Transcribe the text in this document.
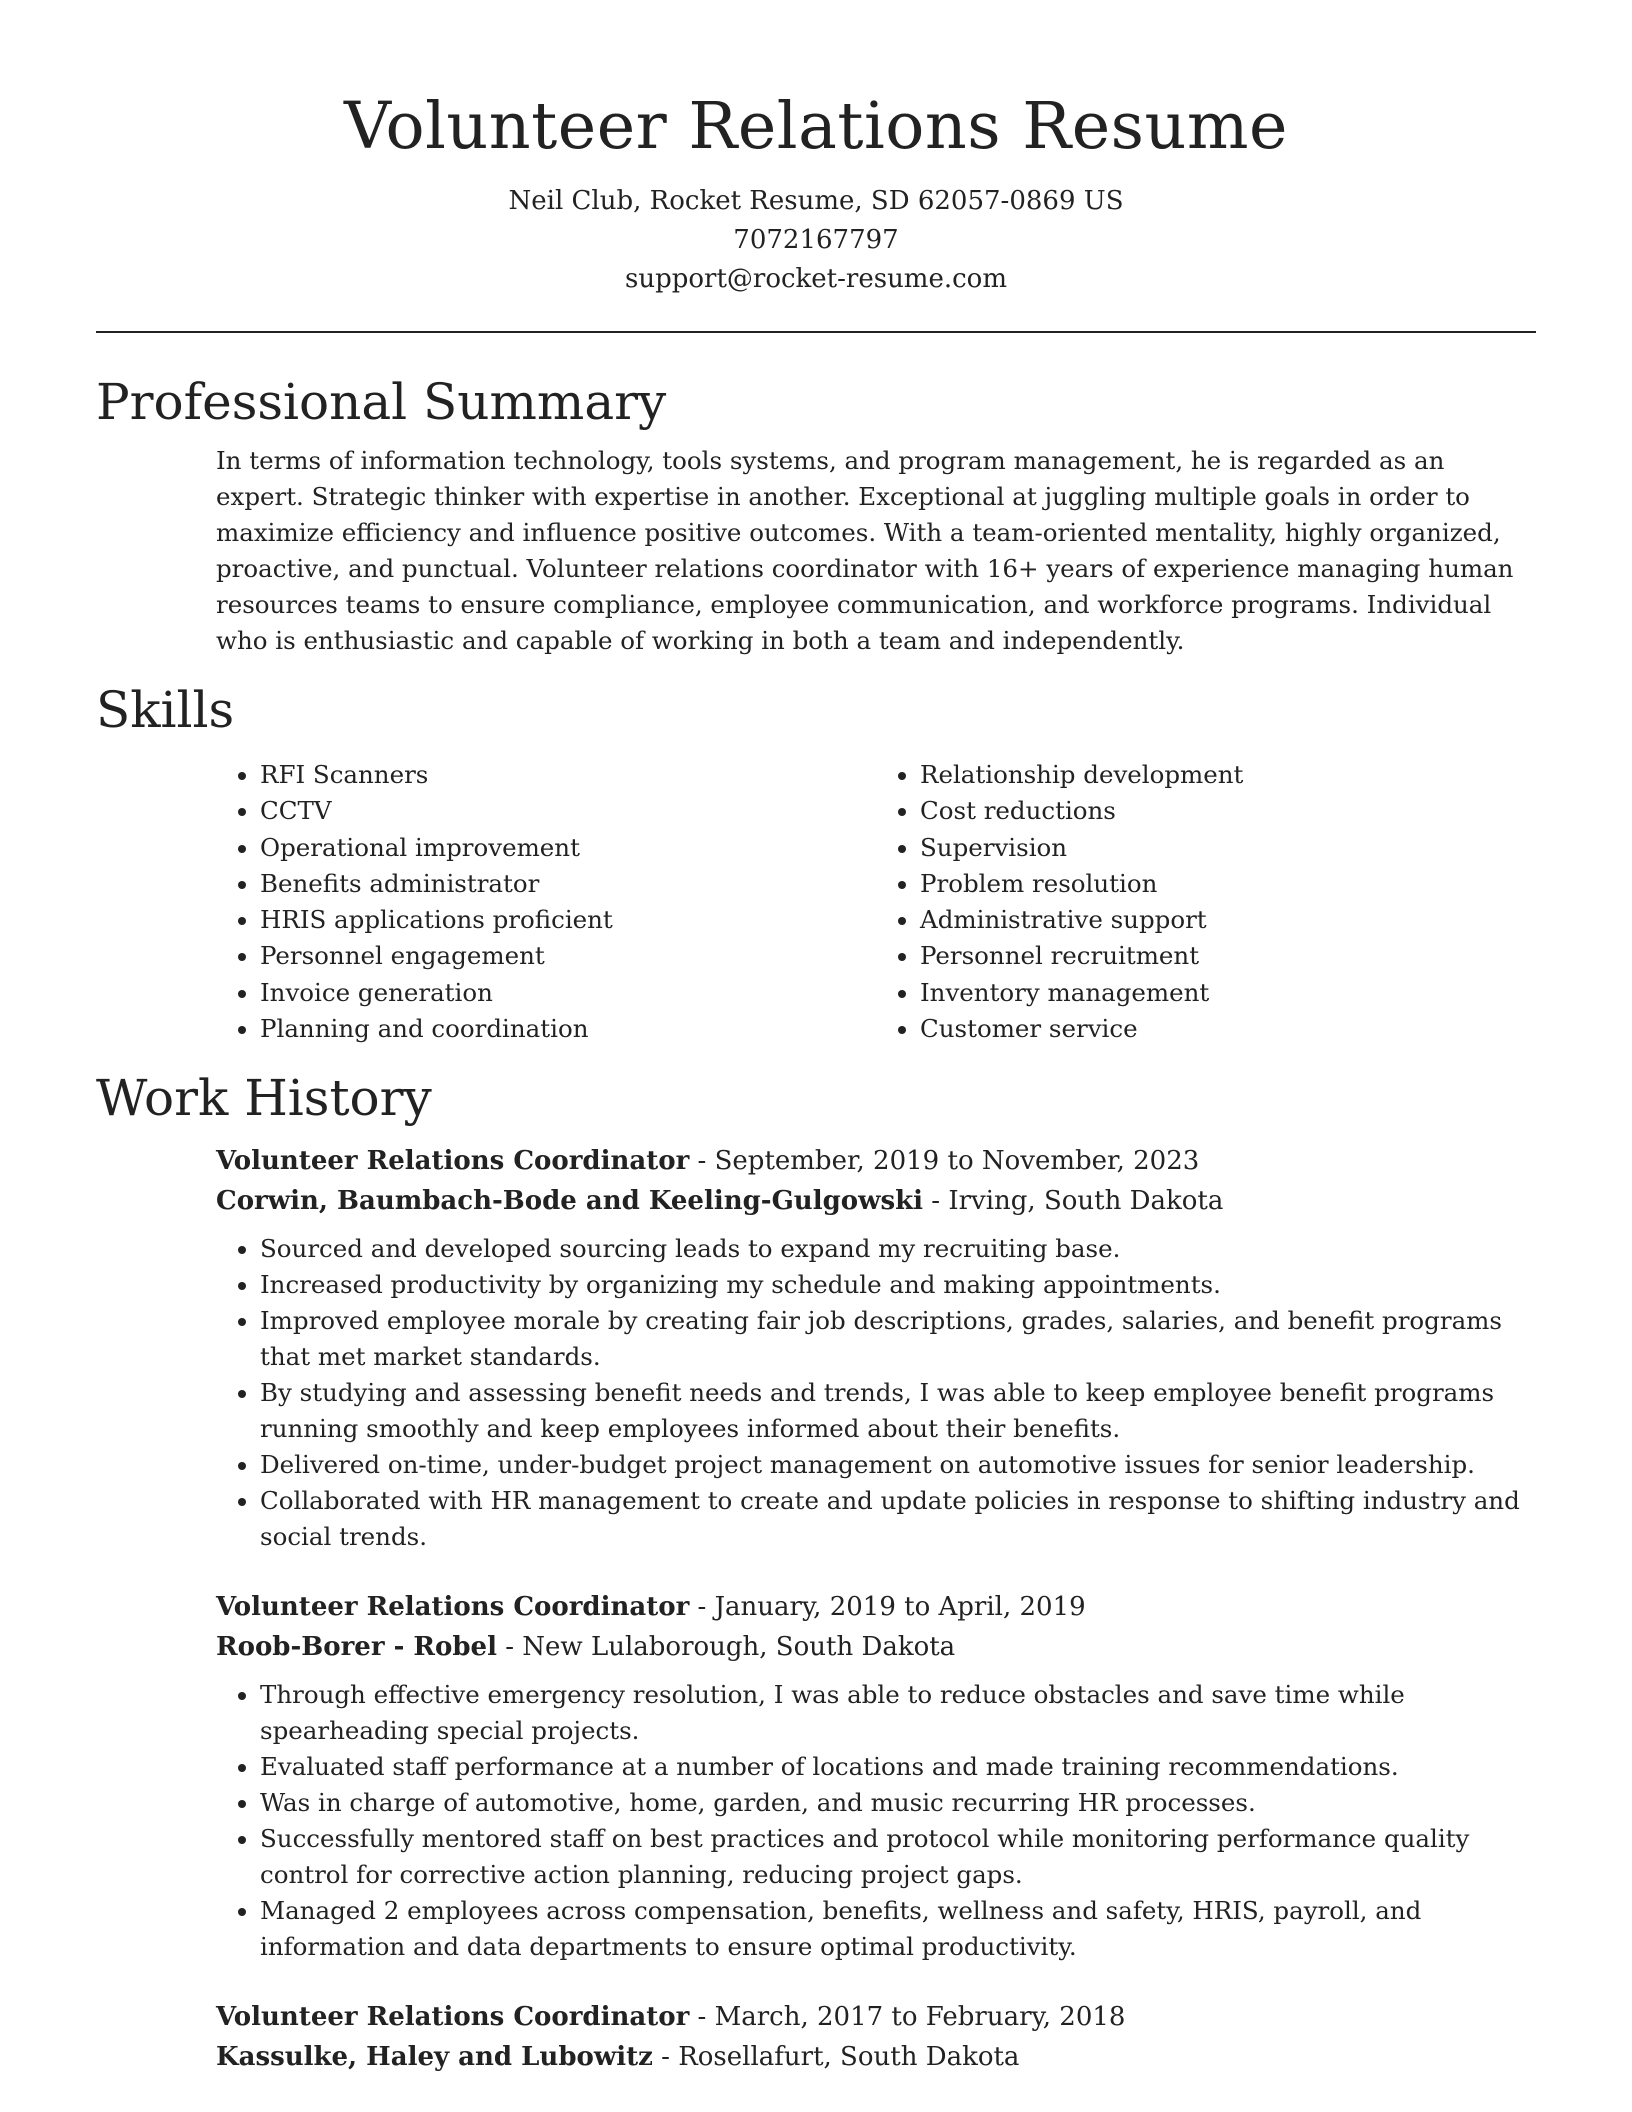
Volunteer Relations Resume
Neil Club, Rocket Resume, SD 62057-0869 US
7072167797
support@rocket-resume.com
Professional Summary

In terms of information technology, tools systems, and program management, he is regarded as an expert. Strategic thinker with expertise in another. Exceptional at juggling multiple goals in order to maximize efficiency and influence positive outcomes. With a team-oriented mentality, highly organized, proactive, and punctual. Volunteer relations coordinator with 16+ years of experience managing human resources teams to ensure compliance, employee communication, and workforce programs. Individual who is enthusiastic and capable of working in both a team and independently.

Skills
• RFI Scanners
• CCTV
• Operational improvement
• Benefits administrator
• HRIS applications proficient
• Personnel engagement
• Invoice generation
• Planning and coordination
• Relationship development
• Cost reductions
• Supervision
• Problem resolution
• Administrative support
• Personnel recruitment
• Inventory management
• Customer service
Work History
Volunteer Relations Coordinator - September, 2019 to November, 2023
Corwin, Baumbach-Bode and Keeling-Gulgowski - Irving, South Dakota
• Sourced and developed sourcing leads to expand my recruiting base.
• Increased productivity by organizing my schedule and making appointments.
• Improved employee morale by creating fair job descriptions, grades, salaries, and benefit programs that met market standards.
• By studying and assessing benefit needs and trends, I was able to keep employee benefit programs running smoothly and keep employees informed about their benefits.
• Delivered on-time, under-budget project management on automotive issues for senior leadership.
• Collaborated with HR management to create and update policies in response to shifting industry and social trends.
Volunteer Relations Coordinator - January, 2019 to April, 2019
Roob-Borer - Robel - New Lulaborough, South Dakota
• Through effective emergency resolution, I was able to reduce obstacles and save time while spearheading special projects.
• Evaluated staff performance at a number of locations and made training recommendations.
• Was in charge of automotive, home, garden, and music recurring HR processes.
• Successfully mentored staff on best practices and protocol while monitoring performance quality control for corrective action planning, reducing project gaps.
• Managed 2 employees across compensation, benefits, wellness and safety, HRIS, payroll, and information and data departments to ensure optimal productivity.
Volunteer Relations Coordinator - March, 2017 to February, 2018
Kassulke, Haley and Lubowitz - Rosellafurt, South Dakota
